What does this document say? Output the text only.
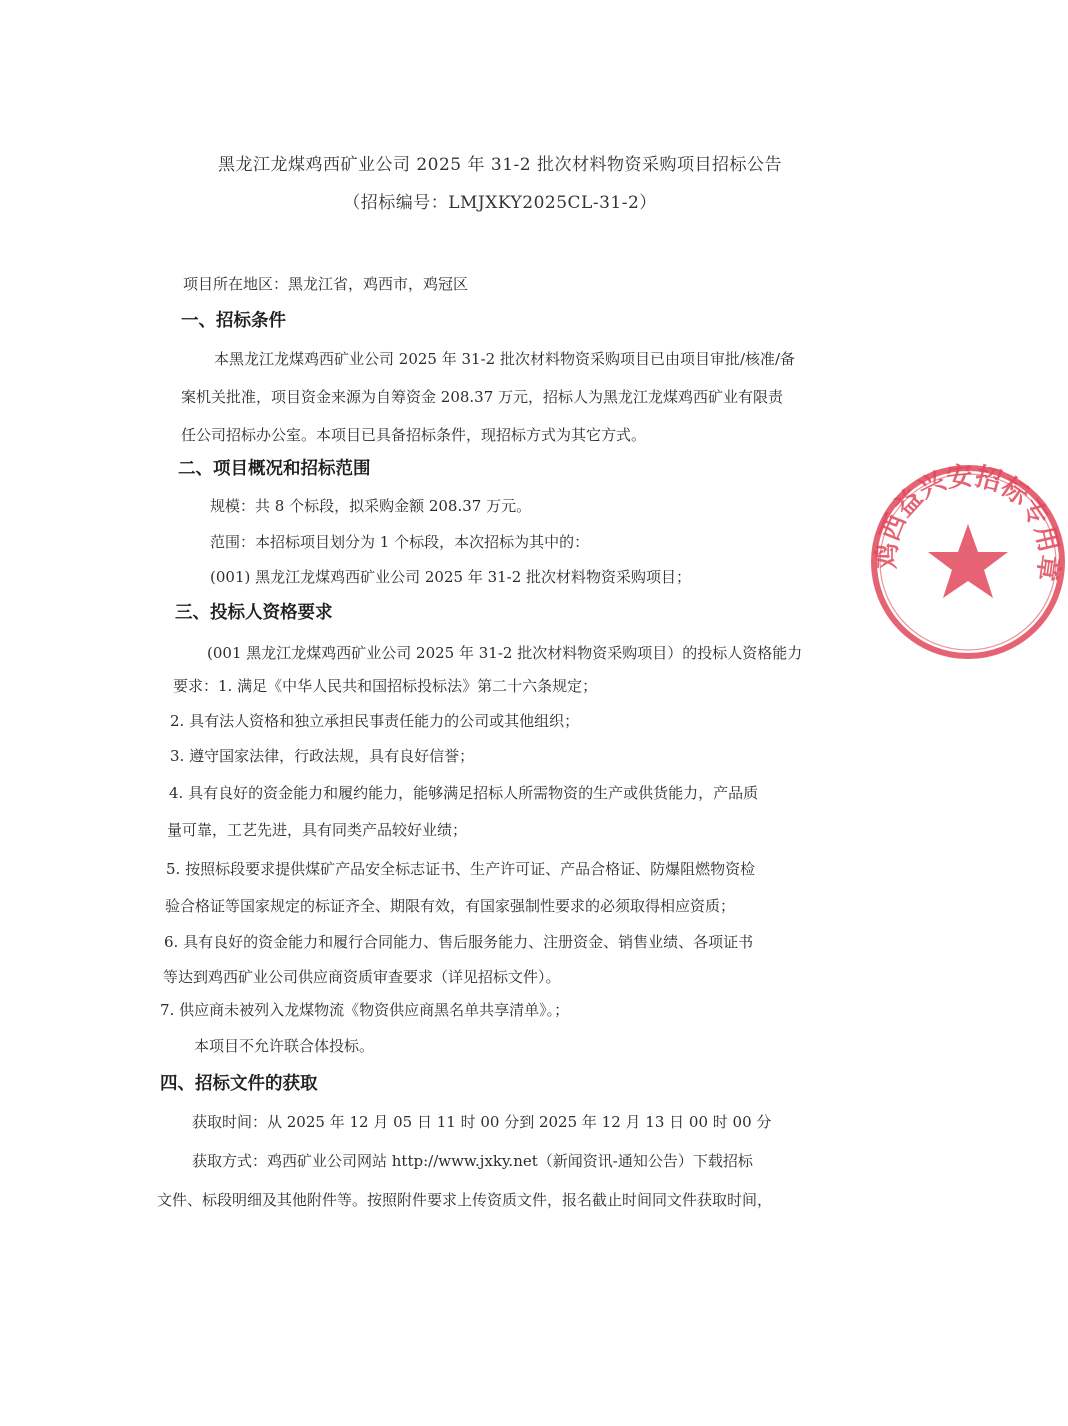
黑龙江龙煤鸡西矿业公司 2025 年 31-2 批次材料物资采购项目招标公告
（招标编号：LMJXKY2025CL-31-2）
项目所在地区：黑龙江省，鸡西市，鸡冠区
一、招标条件
本黑龙江龙煤鸡西矿业公司 2025 年 31-2 批次材料物资采购项目已由项目审批/核准/备
案机关批准，项目资金来源为自筹资金 208.37 万元，招标人为黑龙江龙煤鸡西矿业有限责
任公司招标办公室。本项目已具备招标条件，现招标方式为其它方式。
二、项目概况和招标范围
规模：共 8 个标段，拟采购金额 208.37 万元。
范围：本招标项目划分为 1 个标段，本次招标为其中的：
(001) 黑龙江龙煤鸡西矿业公司 2025 年 31-2 批次材料物资采购项目；
三、投标人资格要求
(001 黑龙江龙煤鸡西矿业公司 2025 年 31-2 批次材料物资采购项目）的投标人资格能力
要求：1. 满足《中华人民共和国招标投标法》第二十六条规定；
2. 具有法人资格和独立承担民事责任能力的公司或其他组织；
3. 遵守国家法律，行政法规，具有良好信誉；
4. 具有良好的资金能力和履约能力，能够满足招标人所需物资的生产或供货能力，产品质
量可靠，工艺先进，具有同类产品较好业绩；
5. 按照标段要求提供煤矿产品安全标志证书、生产许可证、产品合格证、防爆阻燃物资检
验合格证等国家规定的标证齐全、期限有效，有国家强制性要求的必须取得相应资质；
6. 具有良好的资金能力和履行合同能力、售后服务能力、注册资金、销售业绩、各项证书
等达到鸡西矿业公司供应商资质审查要求（详见招标文件）。
7. 供应商未被列入龙煤物流《物资供应商黑名单共享清单》。；
本项目不允许联合体投标。
四、招标文件的获取
获取时间：从 2025 年 12 月 05 日 11 时 00 分到 2025 年 12 月 13 日 00 时 00 分
获取方式：鸡西矿业公司网站 http://www.jxky.net（新闻资讯-通知公告）下载招标
文件、标段明细及其他附件等。按照附件要求上传资质文件，报名截止时间同文件获取时间，
鸡西益兴安招标专用章
